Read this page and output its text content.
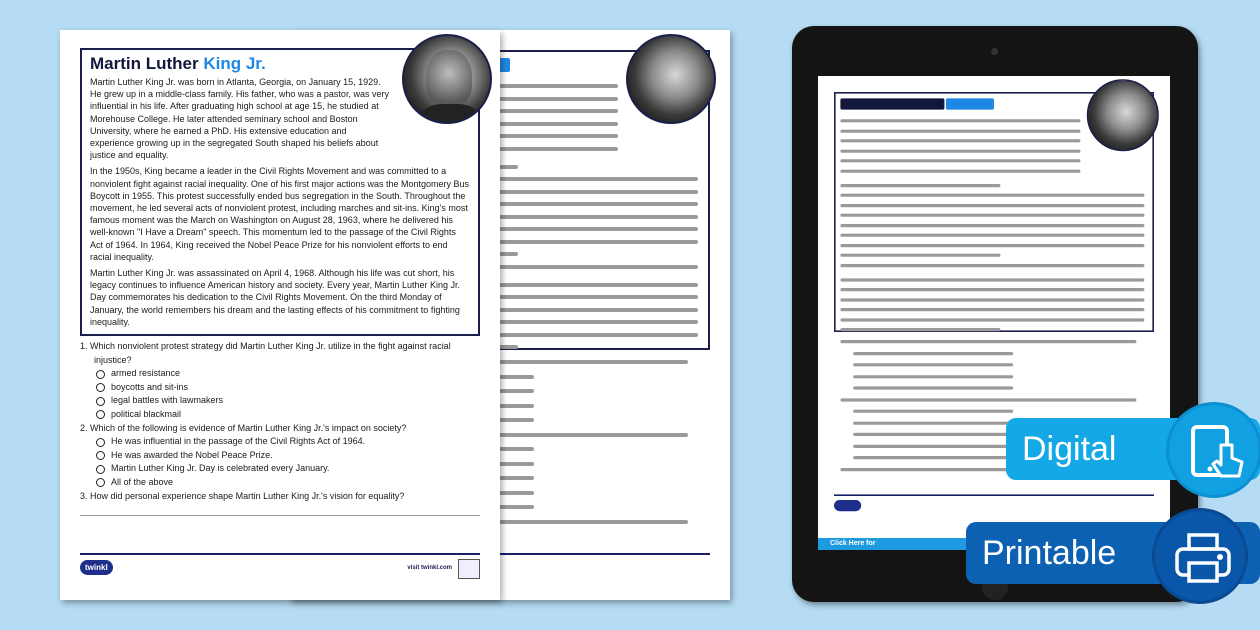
Martin Luther King Jr.

Martin Luther King Jr. was born in Atlanta, Georgia, on January 15, 1929. He grew up in a middle-class family. His father, who was a pastor, was very influential in his life. After graduating high school at age 15, he studied at Morehouse College. He later attended seminary school and Boston University, where he earned a PhD. His extensive education and experience growing up in the segregated South shaped his beliefs about justice and equality.

In the 1950s, King became a leader in the Civil Rights Movement and was committed to a nonviolent fight against racial inequality. One of his first major actions was the Montgomery Bus Boycott in 1955. This protest successfully ended bus segregation in the South. Throughout the movement, he led several acts of nonviolent protest, including marches and sit-ins. King's most famous moment was the March on Washington on August 28, 1963, where he delivered his well-known "I Have a Dream" speech. This momentum led to the passage of the Civil Rights Act of 1964. In 1964, King received the Nobel Peace Prize for his nonviolent efforts to end racial inequality.

Martin Luther King Jr. was assassinated on April 4, 1968. Although his life was cut short, his legacy continues to influence American history and society. Every year, Martin Luther King Jr. Day commemorates his dedication to the Civil Rights Movement. On the third Monday of January, the world remembers his dream and the lasting effects of his commitment to fighting inequality.

1. Which nonviolent protest strategy did Martin Luther King Jr. utilize in the fight against racial injustice?
armed resistance
boycotts and sit-ins
legal battles with lawmakers
political blackmail
2. Which of the following is evidence of Martin Luther King Jr.'s impact on society?
He was influential in the passage of the Civil Rights Act of 1964.
He was awarded the Nobel Peace Prize.
Martin Luther King Jr. Day is celebrated every January.
All of the above
3. How did personal experience shape Martin Luther King Jr.'s vision for equality?
twinkl	visit twinkl.com
Click Here for
Digital
Printable
